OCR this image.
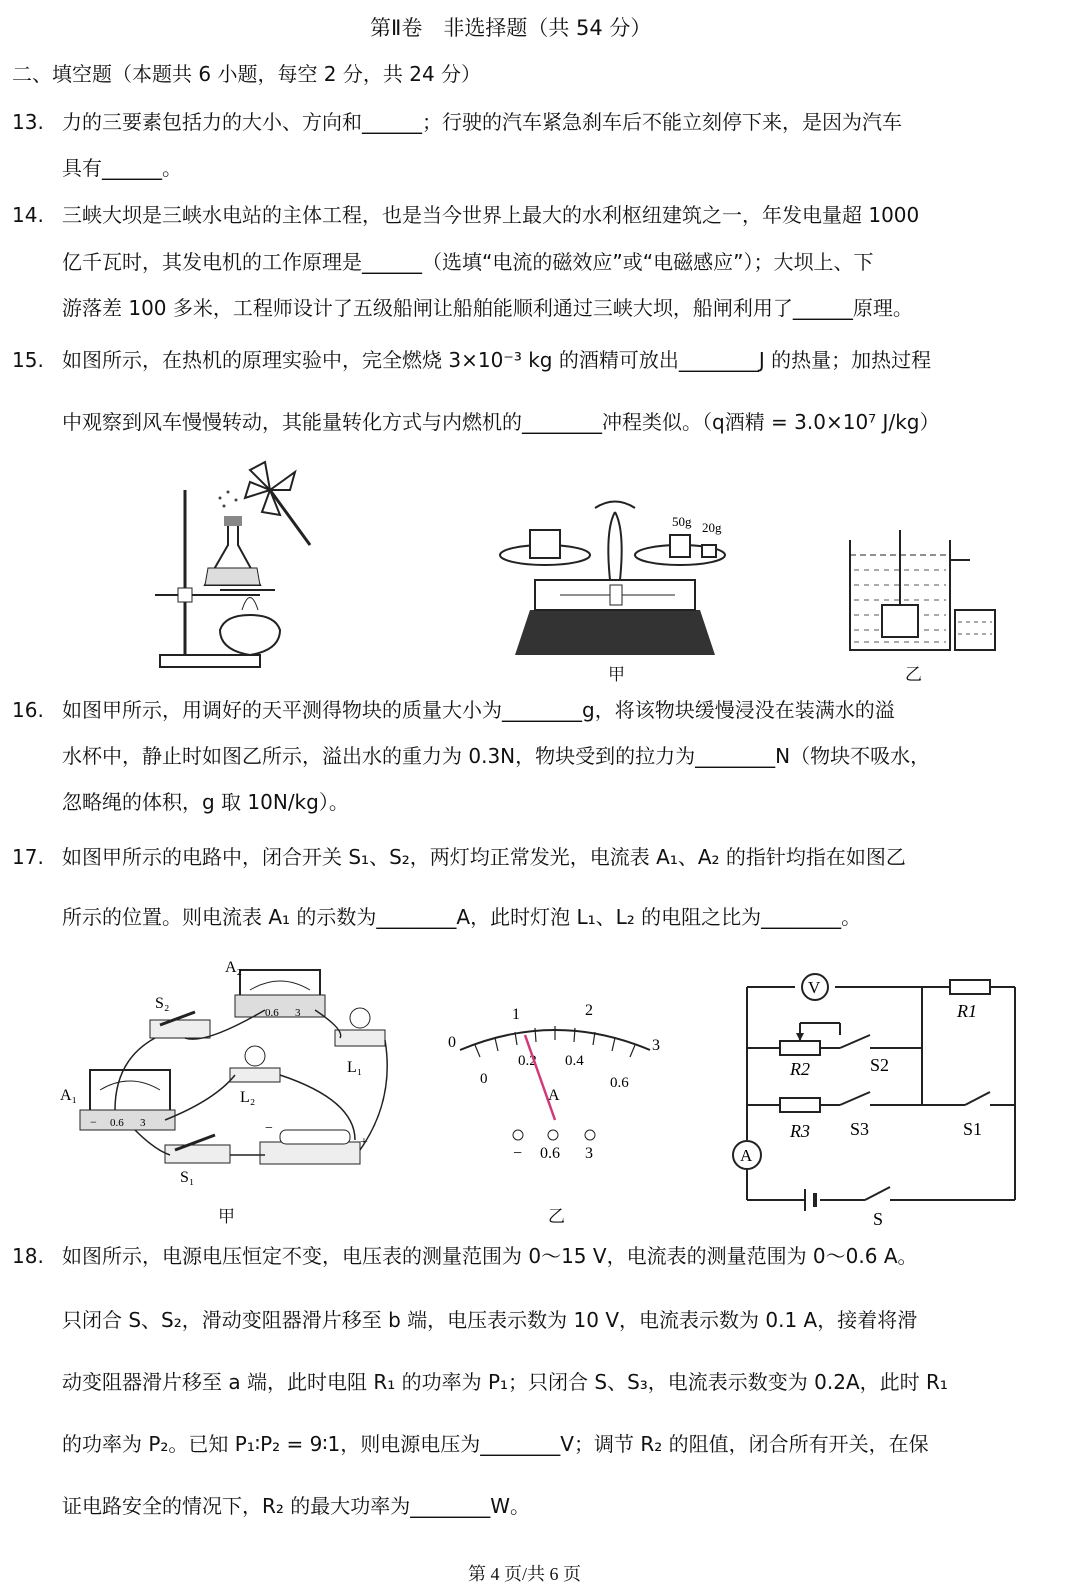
第Ⅱ卷　非选择题（共 54 分）
二、填空题（本题共 6 小题，每空 2 分，共 24 分）
13. 力的三要素包括力的大小、方向和______；行驶的汽车紧急刹车后不能立刻停下来，是因为汽车
具有______。
14. 三峡大坝是三峡水电站的主体工程，也是当今世界上最大的水利枢纽建筑之一，年发电量超 1000
亿千瓦时，其发电机的工作原理是______（选填“电流的磁效应”或“电磁感应”）；大坝上、下
游落差 100 多米，工程师设计了五级船闸让船舶能顺利通过三峡大坝，船闸利用了______原理。
15. 如图所示，在热机的原理实验中，完全燃烧 3×10⁻³ kg 的酒精可放出________J 的热量；加热过程
中观察到风车慢慢转动，其能量转化方式与内燃机的________冲程类似。（q酒精 = 3.0×10⁷ J/kg）
50g 20g
甲	乙
16. 如图甲所示，用调好的天平测得物块的质量大小为________g，将该物块缓慢浸没在装满水的溢
水杯中，静止时如图乙所示，溢出水的重力为 0.3N，物块受到的拉力为________N（物块不吸水，
忽略绳的体积，g 取 10N/kg）。
17. 如图甲所示的电路中，闭合开关 S₁、S₂，两灯均正常发光，电流表 A₁、A₂ 的指针均指在如图乙
所示的位置。则电流表 A₁ 的示数为________A，此时灯泡 L₁、L₂ 的电阻之比为________。
A₂
0.6 3
S₂
L₁
A₁
− 0.6 3
L₂
S₁
−
+
甲
0
1	2
3
0
0.2 0.4
0.6
A
− 0.6 3
乙
V
R1
R2	S2
R3 S3	S1
A
S
18. 如图所示，电源电压恒定不变，电压表的测量范围为 0～15 V，电流表的测量范围为 0～0.6 A。
只闭合 S、S₂，滑动变阻器滑片移至 b 端，电压表示数为 10 V，电流表示数为 0.1 A，接着将滑
动变阻器滑片移至 a 端，此时电阻 R₁ 的功率为 P₁；只闭合 S、S₃，电流表示数变为 0.2A，此时 R₁
的功率为 P₂。已知 P₁∶P₂ = 9∶1，则电源电压为________V；调节 R₂ 的阻值，闭合所有开关，在保
证电路安全的情况下，R₂ 的最大功率为________W。
第 4 页/共 6 页
